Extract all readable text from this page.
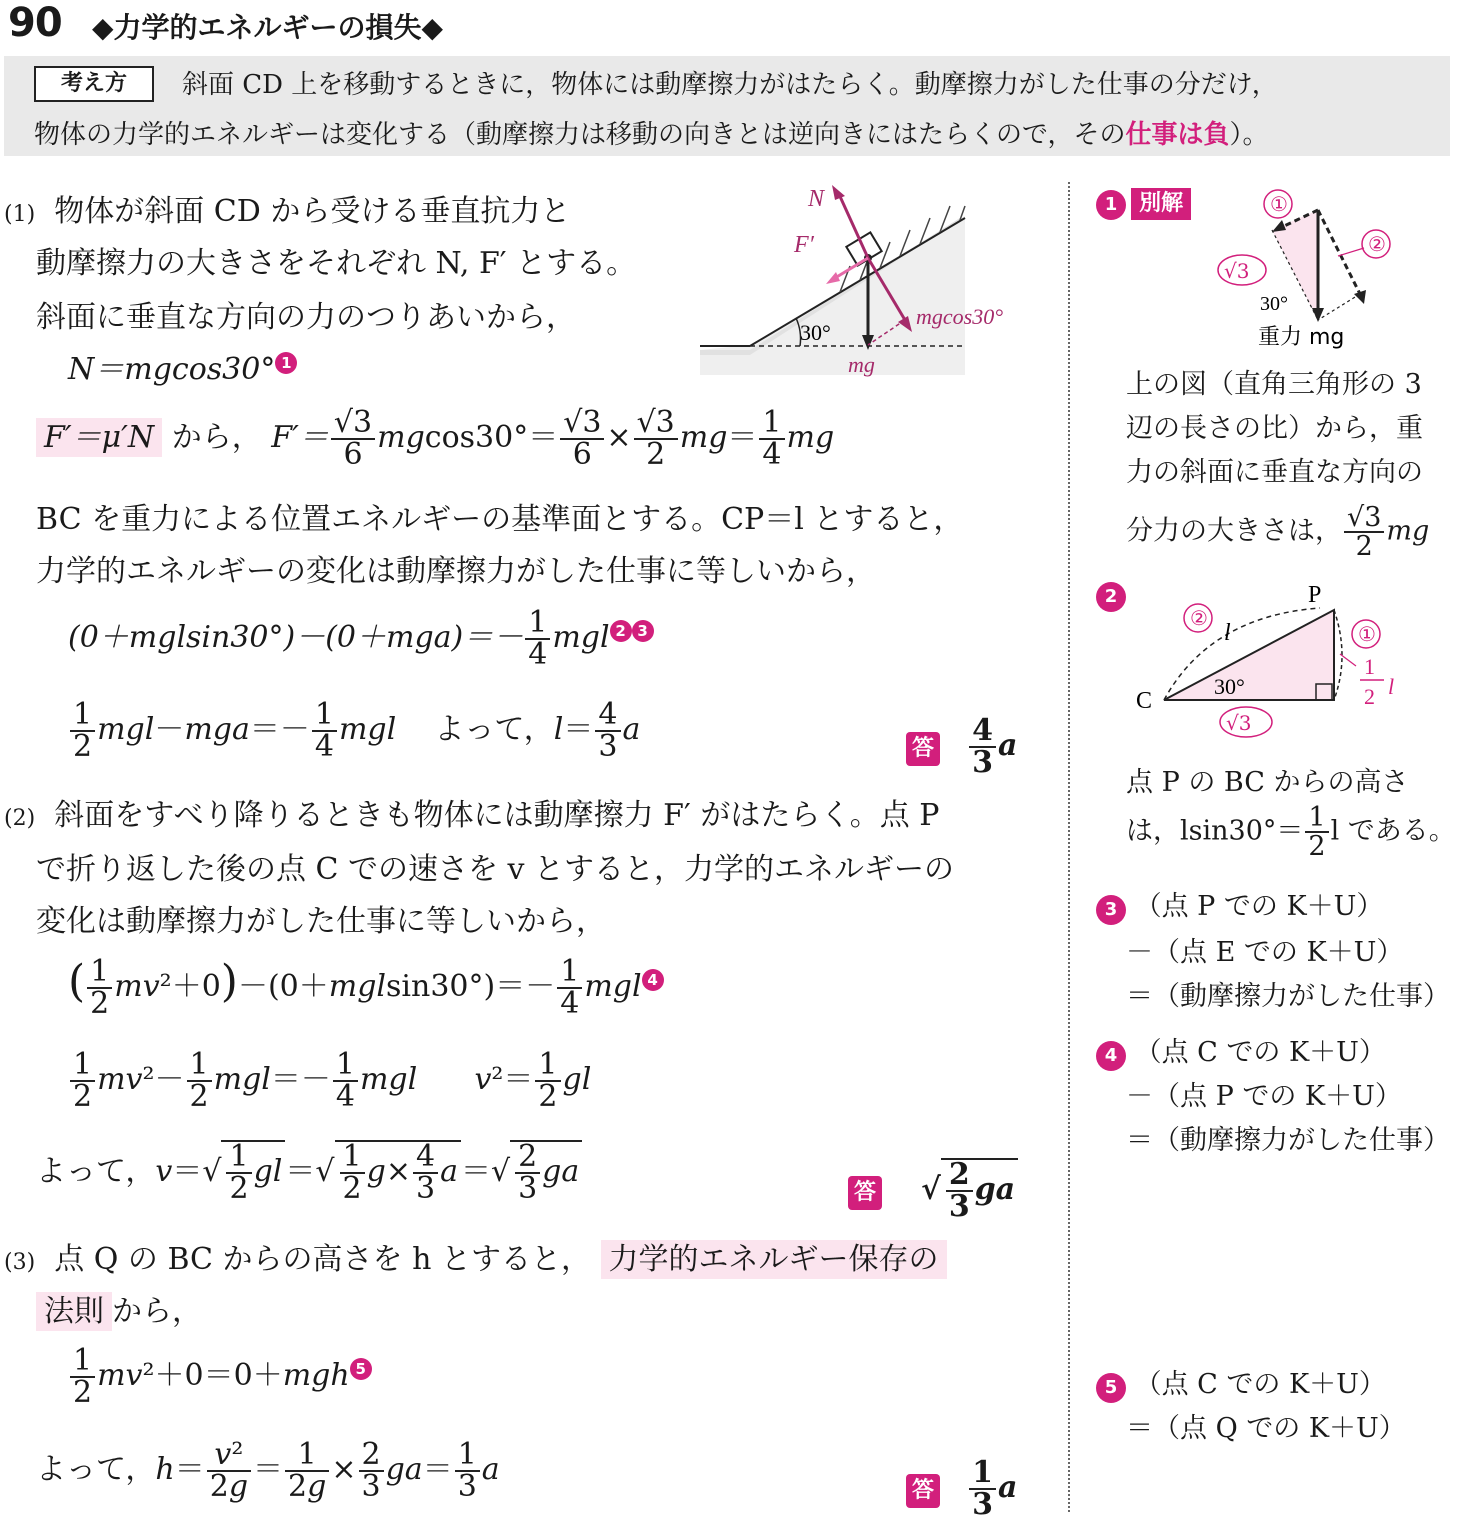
90 ◆力学的エネルギーの損失◆
考え方	斜面 CD 上を移動するときに，物体には動摩擦力がはたらく。動摩擦力がした仕事の分だけ，
物体の力学的エネルギーは変化する（動摩擦力は移動の向きとは逆向きにはたらくので，その仕事は負）。
(1) 物体が斜面 CD から受ける垂直抗力と
動摩擦力の大きさをそれぞれ N, F′ とする。
斜面に垂直な方向の力のつりあいから，
N＝mgcos30° 1
F′＝μ′N から， $F'= \frac{√3}{6} mgcos30^\circ= \frac{√3}{6} \times \frac{√3}{2} mg= \frac{1}{4}$ mg
BC を重力による位置エネルギーの基準面とする。CP＝l とすると，
力学的エネルギーの変化は動摩擦力がした仕事に等しいから，
$(0+mglsin30^\circ)-(0+mga)=- \frac{1}{4}$ mgl 2 3
$\frac{1}{2} mgl-mga=- \frac{1}{4}$ mgl よって，$l= \frac{4}{3}$ a
答 $\frac{4}{3}$ a
(2) 斜面をすべり降りるときも物体には動摩擦力 F′ がはたらく。点 P
で折り返した後の点 C での速さを v とすると，力学的エネルギーの
変化は動摩擦力がした仕事に等しいから，
( $\frac{1}{2} mv^2+0)-(0+mglsin30^\circ)=- \frac{1}{4}$ mgl 4
$\frac{1}{2} mv^2- \frac{1}{2} mgl=- \frac{1}{4}$ mgl $v^2= \frac{1}{2}$ gl
よって，$v=√ \frac{1}{2}$ gl ＝√ $\frac{1}{2} g\times \frac{4}{3}$ a ＝√ $\frac{2}{3}$ ga
答 √ $\frac{2}{3}$ ga
(3) 点 Q の BC からの高さを h とすると， 力学的エネルギー保存の
法則 から，
$\frac{1}{2} mv^2+0=0+mgh$ 5
よって，$h= \frac{\text{v²}}{2g} = \frac{1}{2g} \times \frac{2}{3} ga= \frac{1}{3}$ a
答 $\frac{1}{3}$ a
30°
N
F′
mgcos30°
mg
1 別解	①
②
√3
30°
重力 mg
上の図（直角三角形の 3
辺の長さの比）から，重
力の斜面に垂直な方向の
分力の大きさは， $\frac{√3}{2}$ mg
2	P
C
30°
l
②
①
1
2 l
√3
点 P の BC からの高さ
は，$lsin30^\circ= \frac{1}{2}$ l である。
3 （点 P での K＋U）
－（点 E での K＋U）
＝（動摩擦力がした仕事）
4 （点 C での K＋U）
－（点 P での K＋U）
＝（動摩擦力がした仕事）
5 （点 C での K＋U）
＝（点 Q での K＋U）
